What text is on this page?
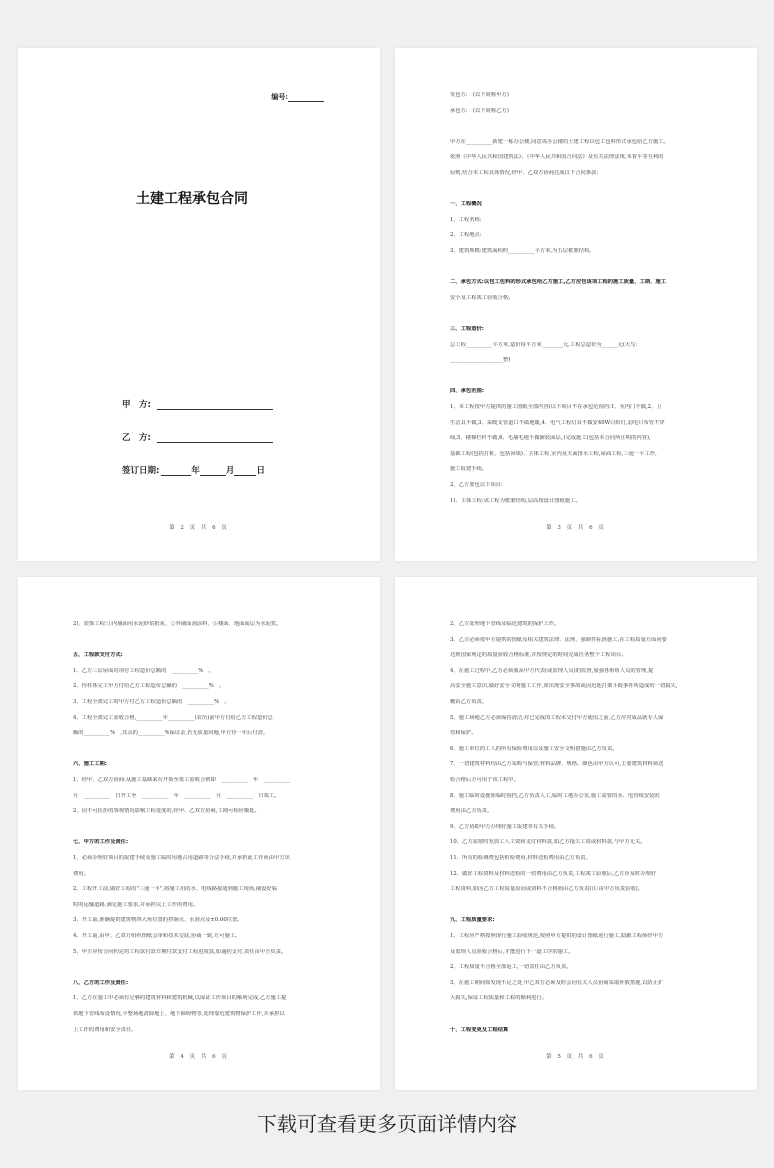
编号:
土建工程承包合同
甲　方:
乙　方:
签订日期:	年	月	日
第 2 页 共 6 页

发包方:　(以下简称甲方)

承包方:　(以下简称乙方)

甲方在__________新建一栋办公楼,同意该办公楼的土建工程以包工包料形式承包给乙方施工。

依照《中华人民共和国建筑法》、《中华人民共和国合同法》及有关法律法规,本着平等互利的

原则,结合本工程具体情况,经甲、乙双方协商达成以下合同条款:

一、工程概况

1、工程名称:

2、工程地点:

3、建筑规模:建筑面积约__________平方米,为五层框架结构。

二、承包方式:以包工包料的形式承包给乙方施工,乙方应包该项工程的施工质量、工期、施工

安全及工程竣工验收合格。

三、工程造价:

总工程__________平方米,造价每平方米________元,工程总造价为______元(大写:

____________________整)

四、承包范围:

1、本工程按甲方提供的施工图纸全部内容(以下项目不在承包范围内:1、室内门不做,2、卫

生洁具不做,3、采暖支管道口不做地暖,4、电气工程灯具不做安40W白炽灯,弱电只布管不穿

线,5、楼梯栏杆不做,6、毛墙毛地不做铺装面层。)完成施工(包括本合同所注明的内容),

基础工程(包括打桩、包括回填)、主体工程,室内及天面排水工程,屋面工程,三通一平工作,

施工报建手续。

2、乙方要包以下项目:

1)、主体工程:该工程为框架结构,层高按设计图纸施工。

第 3 页 共 6 页

2)、装饰工程:①内墙面用水泥砂浆批灰、②外墙面刮涂料、③楼面、地面面层为水泥浆。

五、工程款支付方式:

1、乙方三层屋面封项付工程造价总额的　__________%　。

2、待柱体完工甲方付给乙方工程造价总额的　__________%　。

3、工程全部完工时甲方付乙方工程造价总额的　__________%　。

4、工程全部完工验收合格,__________年__________(农历)前甲方付给乙方工程造价总

额的__________%　,其余的__________%保证金,若无质量问题,甲方待一年后付清。

六、施工工期:

1、经甲、乙双方协商:从施工基础来台开始至竣工验收合格即　__________　年　__________

月　__________　日开工至　__________　年　__________　月　__________　日竣工。

2、因不可抗拒的客观情况影响工程进度的,经甲、乙双方协商,工期可相应顺延。

七、甲方的工作及责任:

1、必须办理好项目的报建手续及施工临时用地占用道路等合法手续,并承担此工作而由甲方出

费用。

2、工程开工前,做好工程的"三通一平",将施工用的水、电线路接通到施工现场,铺设好临

时的运输道路,满足施工要求,并承担以上工作的费用。

3、开工前,准确提供建筑物四大角位置的控制点、水准点及±0.00位置。

4、开工前,由甲、乙双方组织图纸会审和技术交底,协商一致,方可施工。

5、甲方应按合同约定的工程款付款日期付款支付工程进度款,如逾约支付,责任由甲方负责。

八、乙方的工作及责任:

1、乙方在施工中必须有足够的建筑材料和建筑机械,以保证工作项目的顺利完成,乙方施工提

供地下管线布设情况,平整场地清除地上、地下障碍物等,处理靠近建筑物保护工作,并承担以

上工作的费用和安全责任。

第 4 页 共 6 页

2、乙方处理地下管线及临近建筑的保护工作。

3、乙方必须按甲方提供的图纸及相关建筑法律、法规、强制性标准施工,在工程质量方面同要

达到国家规定的质量验收合格标准,并按规定的时间完成任务整个工程项目。

4、在施工过程中,乙方必须服从甲方代表(或监理人员)的监督,加强各班组人员的管理,提

高安全施工意识,做好安全文明施工工作,如出现安全事故或因迟延打架斗殴事件所造成的一切损失,

概由乙方负责。

5、施工场地乙方必须保持清洁,对已完成的工程未交付甲方使用之前,乙方应对成品就专人保

管和保护。

6、施工单位的工人的所有保险费用以及施工安全文明措施由乙方负责。

7、一切建筑材料均由乙方采购与保管;材料品牌、规格、颜色由甲方认可,主要建筑材料须送

检合格后方可用于该工程中。

8、施工临时设施如临时围挡,乙方负责人工,临时工地办公室,施工需要的水、电管线安装的

费用由乙方负责。

9、乙方协助甲方办理好施工报建等有关手续。

10、乙方需按时发放工人工资和支付材料款,如乙方拖欠工资或材料款,与甲方无关。

11、所有的检测费包括桩检费用,材料送检费用由乙方负责。

12、做好工程资料及材料送检的一切费用由乙方负责,工程竣工验收后,乙方应及时办理好

工程资料,如因乙方工程质量原因或资料不合格而由乙方负责(注:由甲方负责验收)。

九、工程质量要求:

1、工程应严格按照现行施工验收规范,按照甲方提供的设计图纸进行施工,隐蔽工程须经甲方

及监理人员验收合格后,才能进行下一道工序的施工。

2、工程质量不合格全部返工,一切责任由乙方负责。

3、在施工期间如发现不足之处,甲乙双方必须及时会同有关人员协商采取补救措施,以防止扩

大损失,保证工程质量和工程的顺利进行。

十、工程变更及工程结算

第 5 页 共 6 页
下载可查看更多页面详情内容
